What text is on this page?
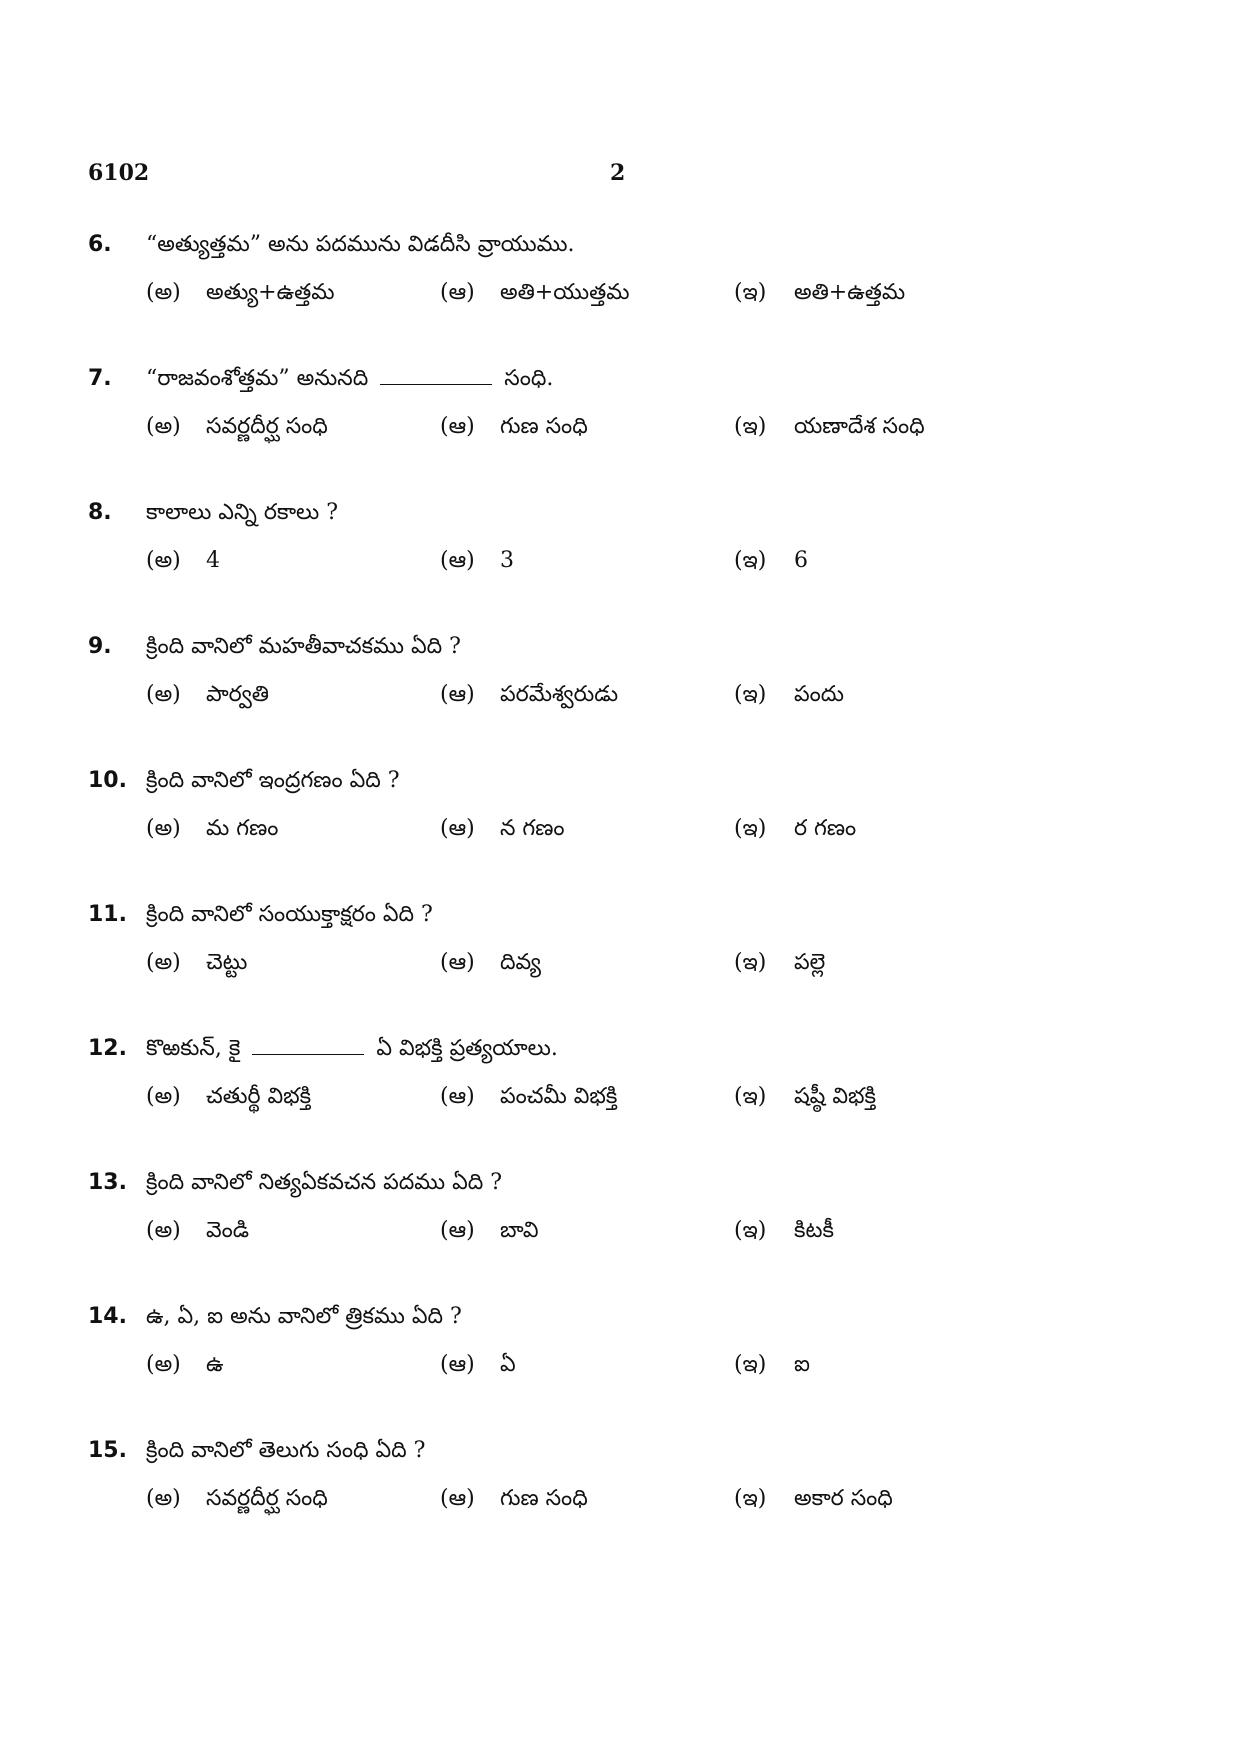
6102	2
6. “అత్యుత్తమ” అను పదమును విడదీసి వ్రాయుము.
(అ) అత్యు+ఉత్తమ	(ఆ) అతి+యుత్తమ	(ఇ) అతి+ఉత్తమ
7. “రాజవంశోత్తమ” అనునది	సంధి.
(అ) సవర్ణదీర్ఘ సంధి	(ఆ) గుణ సంధి	(ఇ) యణాదేశ సంధి
8. కాలాలు ఎన్ని రకాలు ?
(అ) 4	(ఆ) 3	(ఇ) 6
9. క్రింది వానిలో మహతీవాచకము ఏది ?
(అ) పార్వతి	(ఆ) పరమేశ్వరుడు	(ఇ) పందు
10. క్రింది వానిలో ఇంద్రగణం ఏది ?
(అ) మ గణం	(ఆ) న గణం	(ఇ) ర గణం
11. క్రింది వానిలో సంయుక్తాక్షరం ఏది ?
(అ) చెట్టు	(ఆ) దివ్య	(ఇ) పల్లె
12. కొఱకున్, కై	ఏ విభక్తి ప్రత్యయాలు.
(అ) చతుర్థీ విభక్తి	(ఆ) పంచమీ విభక్తి	(ఇ) షష్ఠీ విభక్తి
13. క్రింది వానిలో నిత్యఏకవచన పదము ఏది ?
(అ) వెండి	(ఆ) బావి	(ఇ) కిటకీ
14. ఉ, ఏ, ఐ అను వానిలో త్రికము ఏది ?
(అ) ఉ	(ఆ) ఏ	(ఇ) ఐ
15. క్రింది వానిలో తెలుగు సంధి ఏది ?
(అ) సవర్ణదీర్ఘ సంధి	(ఆ) గుణ సంధి	(ఇ) అకార సంధి
